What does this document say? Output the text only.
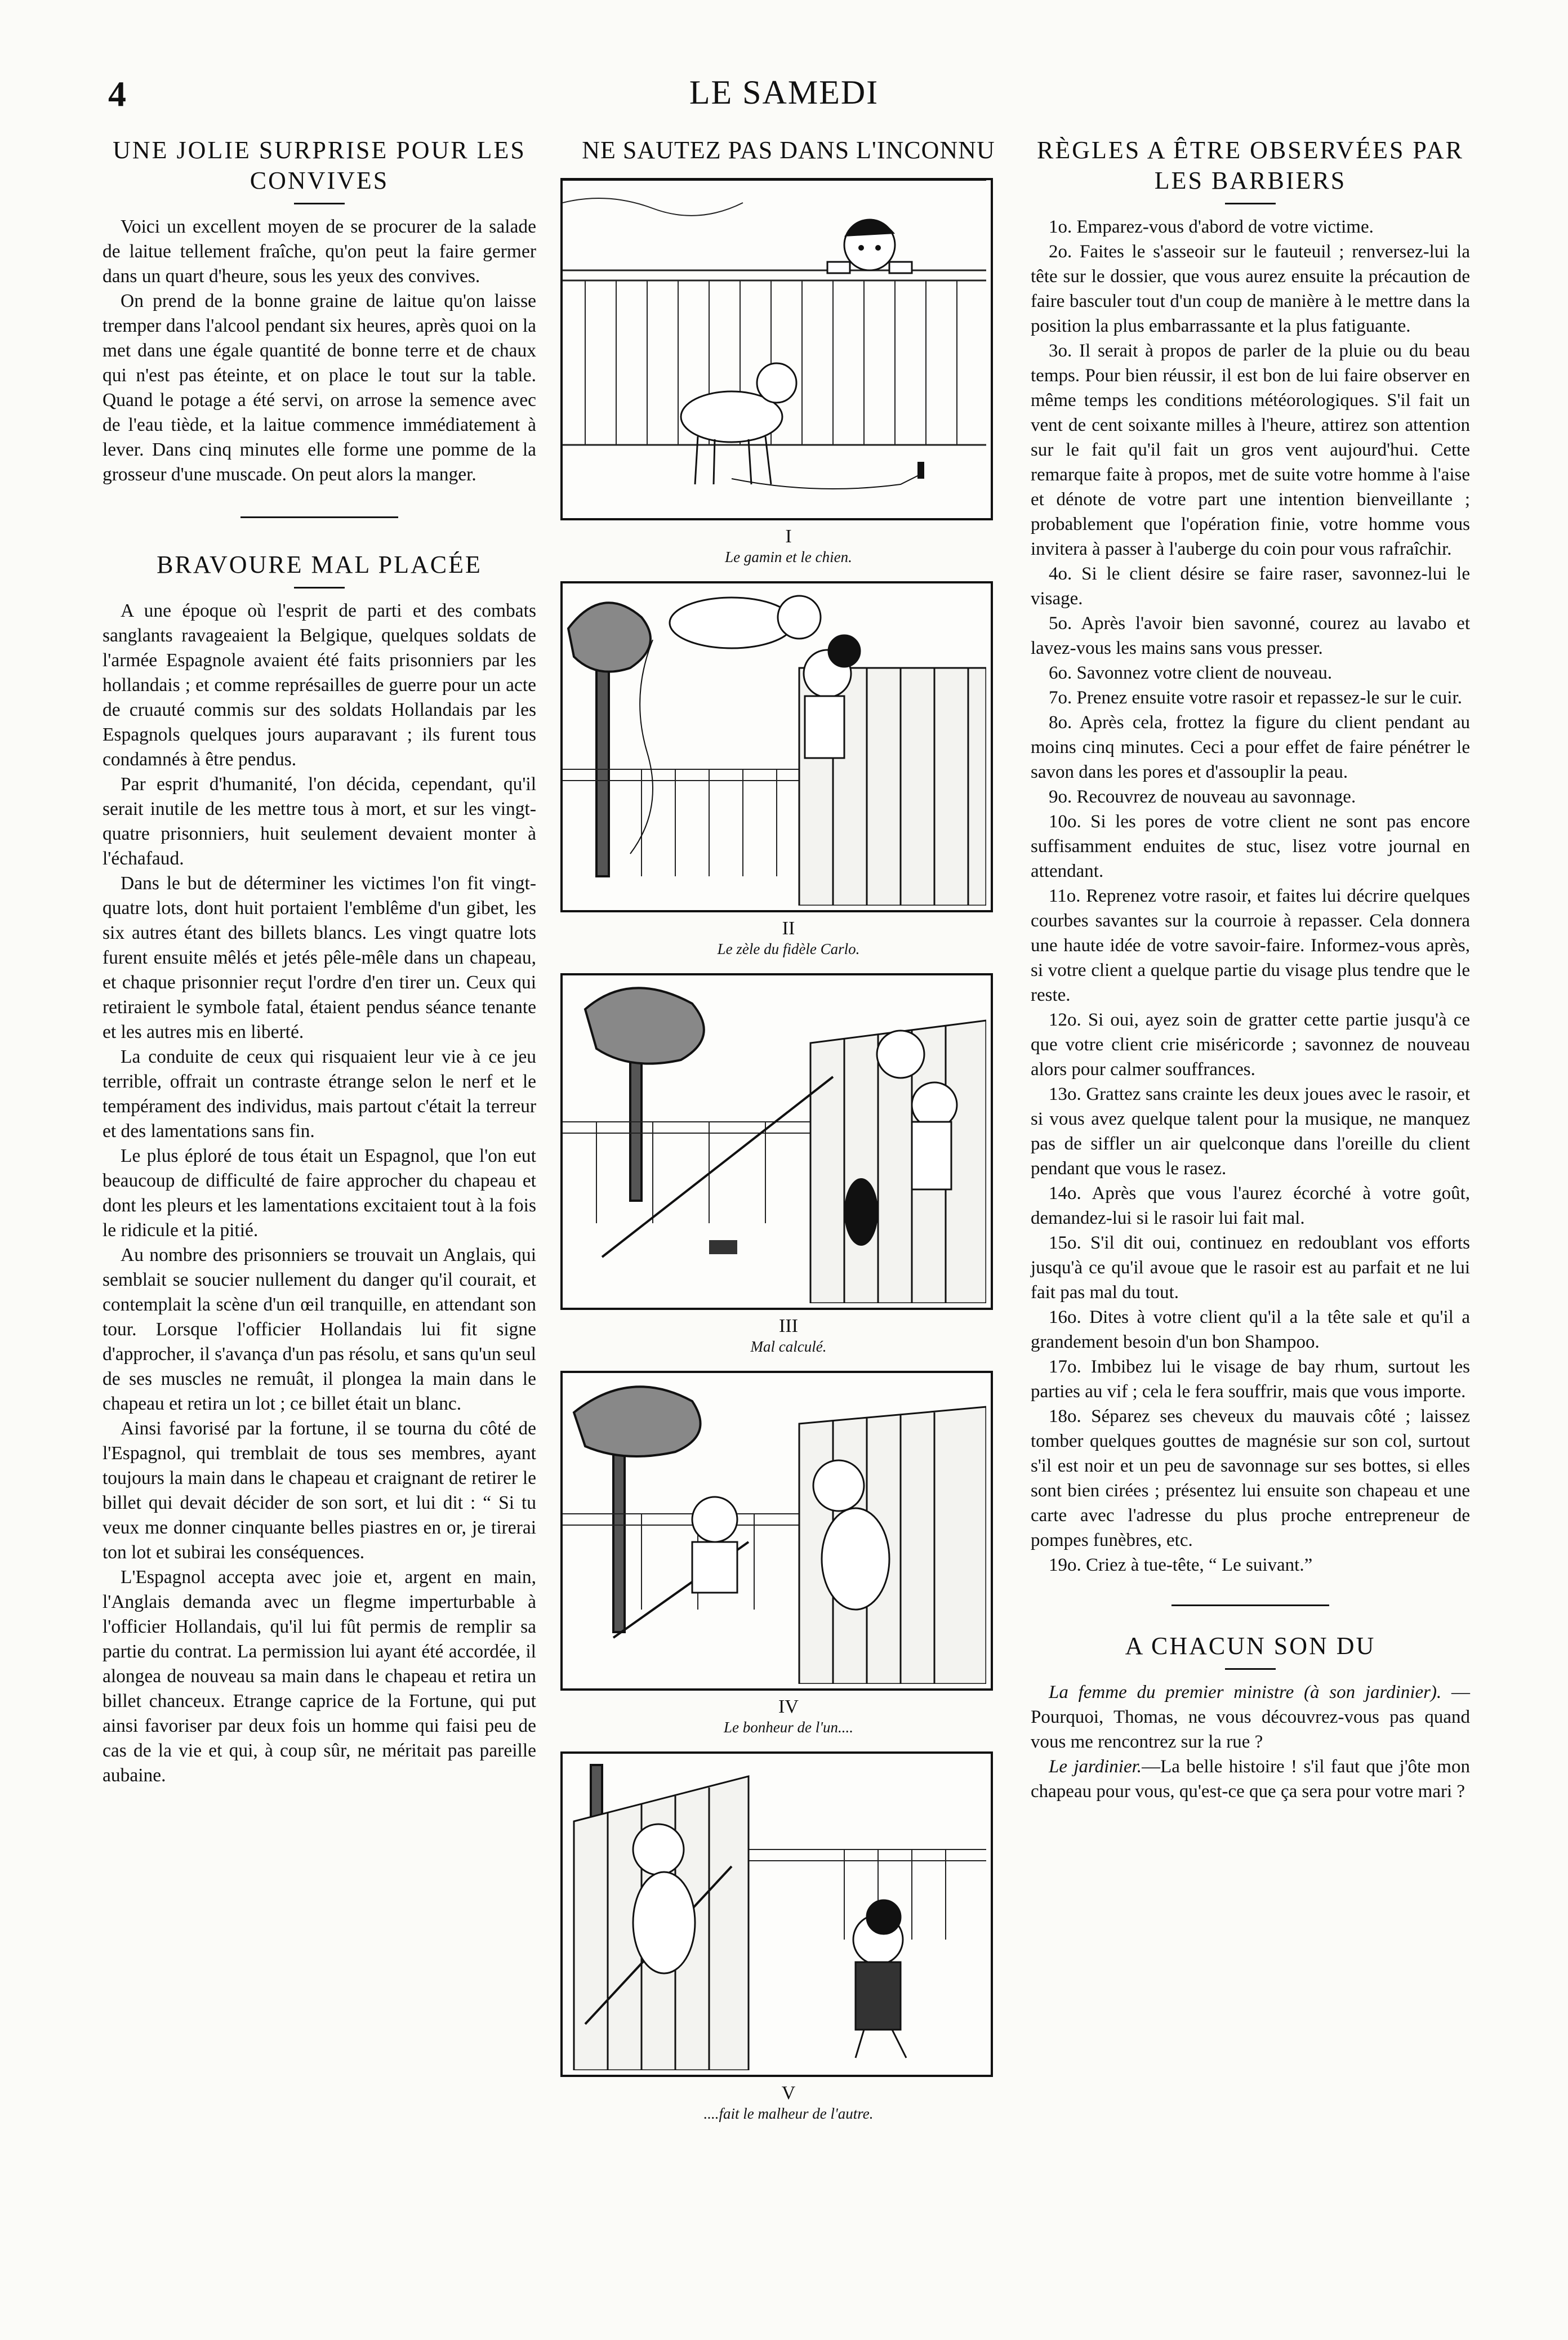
4	LE SAMEDI
UNE JOLIE SURPRISE POUR LES CONVIVES

Voici un excellent moyen de se procurer de la salade de laitue tellement fraîche, qu'on peut la faire germer dans un quart d'heure, sous les yeux des convives.

On prend de la bonne graine de laitue qu'on laisse tremper dans l'alcool pendant six heures, après quoi on la met dans une égale quantité de bonne terre et de chaux qui n'est pas éteinte, et on place le tout sur la table. Quand le potage a été servi, on arrose la semence avec de l'eau tiède, et la laitue commence immédiatement à lever. Dans cinq minutes elle forme une pomme de la grosseur d'une muscade. On peut alors la manger.

BRAVOURE MAL PLACÉE

A une époque où l'esprit de parti et des combats sanglants ravageaient la Belgique, quelques soldats de l'armée Espagnole avaient été faits prisonniers par les hollandais ; et comme représailles de guerre pour un acte de cruauté commis sur des soldats Hollandais par les Espagnols quelques jours auparavant ; ils furent tous condamnés à être pendus.

Par esprit d'humanité, l'on décida, cependant, qu'il serait inutile de les mettre tous à mort, et sur les vingt-quatre prisonniers, huit seulement devaient monter à l'échafaud.

Dans le but de déterminer les victimes l'on fit vingt-quatre lots, dont huit portaient l'emblême d'un gibet, les six autres étant des billets blancs. Les vingt quatre lots furent ensuite mêlés et jetés pêle-mêle dans un chapeau, et chaque prisonnier reçut l'ordre d'en tirer un. Ceux qui retiraient le symbole fatal, étaient pendus séance tenante et les autres mis en liberté.

La conduite de ceux qui risquaient leur vie à ce jeu terrible, offrait un contraste étrange selon le nerf et le tempérament des individus, mais partout c'était la terreur et des lamentations sans fin.

Le plus éploré de tous était un Espagnol, que l'on eut beaucoup de difficulté de faire approcher du chapeau et dont les pleurs et les lamentations excitaient tout à la fois le ridicule et la pitié.

Au nombre des prisonniers se trouvait un Anglais, qui semblait se soucier nullement du danger qu'il courait, et contemplait la scène d'un œil tranquille, en attendant son tour. Lorsque l'officier Hollandais lui fit signe d'approcher, il s'avança d'un pas résolu, et sans qu'un seul de ses muscles ne remuât, il plongea la main dans le chapeau et retira un lot ; ce billet était un blanc.

Ainsi favorisé par la fortune, il se tourna du côté de l'Espagnol, qui tremblait de tous ses membres, ayant toujours la main dans le chapeau et craignant de retirer le billet qui devait décider de son sort, et lui dit : “ Si tu veux me donner cinquante belles piastres en or, je tirerai ton lot et subirai les conséquences.

L'Espagnol accepta avec joie et, argent en main, l'Anglais demanda avec un flegme imperturbable à l'officier Hollandais, qu'il lui fût permis de remplir sa partie du contrat. La permission lui ayant été accordée, il alongea de nouveau sa main dans le chapeau et retira un billet chanceux. Etrange caprice de la Fortune, qui put ainsi favoriser par deux fois un homme qui faisi peu de cas de la vie et qui, à coup sûr, ne méritait pas pareille aubaine.

NE SAUTEZ PAS DANS L'INCONNU
I
Le gamin et le chien.
II
Le zèle du fidèle Carlo.
III
Mal calculé.
IV
Le bonheur de l'un....
V
....fait le malheur de l'autre.
RÈGLES A ÊTRE OBSERVÉES PAR LES BARBIERS

1o. Emparez-vous d'abord de votre victime.

2o. Faites le s'asseoir sur le fauteuil ; renversez-lui la tête sur le dossier, que vous aurez ensuite la précaution de faire basculer tout d'un coup de manière à le mettre dans la position la plus embarrassante et la plus fatiguante.

3o. Il serait à propos de parler de la pluie ou du beau temps. Pour bien réussir, il est bon de lui faire observer en même temps les conditions météorologiques. S'il fait un vent de cent soixante milles à l'heure, attirez son attention sur le fait qu'il fait un gros vent aujourd'hui. Cette remarque faite à propos, met de suite votre homme à l'aise et dénote de votre part une intention bienveillante ; probablement que l'opération finie, votre homme vous invitera à passer à l'auberge du coin pour vous rafraîchir.

4o. Si le client désire se faire raser, savonnez-lui le visage.

5o. Après l'avoir bien savonné, courez au lavabo et lavez-vous les mains sans vous presser.

6o. Savonnez votre client de nouveau.

7o. Prenez ensuite votre rasoir et repassez-le sur le cuir.

8o. Après cela, frottez la figure du client pendant au moins cinq minutes. Ceci a pour effet de faire pénétrer le savon dans les pores et d'assouplir la peau.

9o. Recouvrez de nouveau au savonnage.

10o. Si les pores de votre client ne sont pas encore suffisamment enduites de stuc, lisez votre journal en attendant.

11o. Reprenez votre rasoir, et faites lui décrire quelques courbes savantes sur la courroie à repasser. Cela donnera une haute idée de votre savoir-faire. Informez-vous après, si votre client a quelque partie du visage plus tendre que le reste.

12o. Si oui, ayez soin de gratter cette partie jusqu'à ce que votre client crie miséricorde ; savonnez de nouveau alors pour calmer souffrances.

13o. Grattez sans crainte les deux joues avec le rasoir, et si vous avez quelque talent pour la musique, ne manquez pas de siffler un air quelconque dans l'oreille du client pendant que vous le rasez.

14o. Après que vous l'aurez écorché à votre goût, demandez-lui si le rasoir lui fait mal.

15o. S'il dit oui, continuez en redoublant vos efforts jusqu'à ce qu'il avoue que le rasoir est au parfait et ne lui fait pas mal du tout.

16o. Dites à votre client qu'il a la tête sale et qu'il a grandement besoin d'un bon Shampoo.

17o. Imbibez lui le visage de bay rhum, surtout les parties au vif ; cela le fera souffrir, mais que vous importe.

18o. Séparez ses cheveux du mauvais côté ; laissez tomber quelques gouttes de magnésie sur son col, surtout s'il est noir et un peu de savonnage sur ses bottes, si elles sont bien cirées ; présentez lui ensuite son chapeau et une carte avec l'adresse du plus proche entrepreneur de pompes funèbres, etc.

19o. Criez à tue-tête, “ Le suivant.”

A CHACUN SON DU

La femme du premier ministre (à son jardinier). — Pourquoi, Thomas, ne vous découvrez-vous pas quand vous me rencontrez sur la rue ?

Le jardinier.—La belle histoire ! s'il faut que j'ôte mon chapeau pour vous, qu'est-ce que ça sera pour votre mari ?
